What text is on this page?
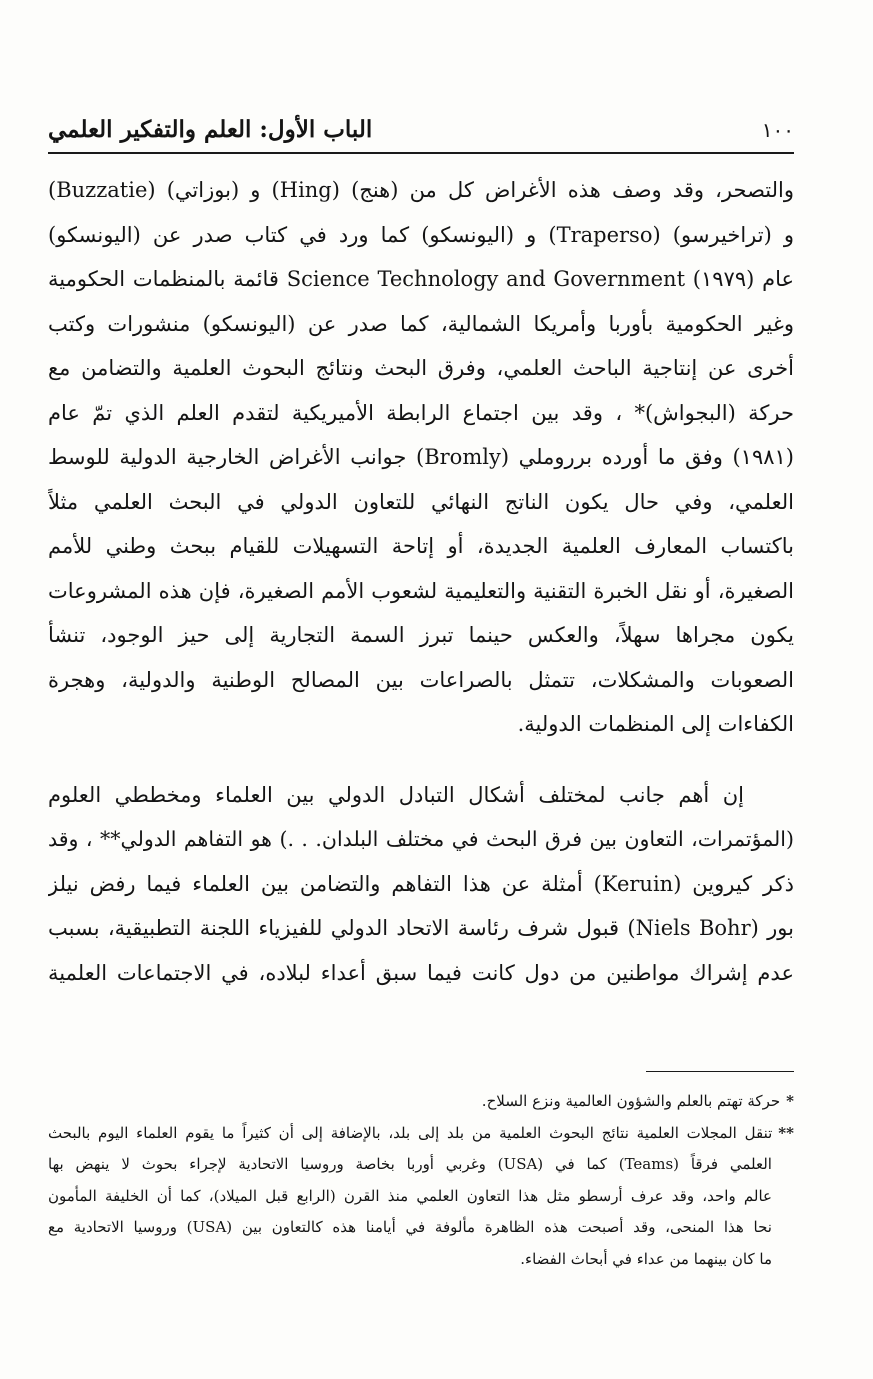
الباب الأول: العلم والتفكير العلمي	١٠٠
والتصحر، وقد وصف هذه الأغراض كل من (هنج) (Hing) و (بوزاتي) (Buzzatie)
و (تراخيرسو) (Traperso) و (اليونسكو) كما ورد في كتاب صدر عن (اليونسكو)
عام (١٩٧٩) Science Technology and Government قائمة بالمنظمات الحكومية
وغير الحكومية بأوربا وأمريكا الشمالية، كما صدر عن (اليونسكو) منشورات وكتب
أخرى عن إنتاجية الباحث العلمي، وفرق البحث ونتائج البحوث العلمية والتضامن مع
حركة (البجواش)* ، وقد بين اجتماع الرابطة الأميريكية لتقدم العلم الذي تمّ عام
(١٩٨١) وفق ما أورده برروملي (Bromly) جوانب الأغراض الخارجية الدولية للوسط
العلمي، وفي حال يكون الناتج النهائي للتعاون الدولي في البحث العلمي مثلاً
باكتساب المعارف العلمية الجديدة، أو إتاحة التسهيلات للقيام ببحث وطني للأمم
الصغيرة، أو نقل الخبرة التقنية والتعليمية لشعوب الأمم الصغيرة، فإن هذه المشروعات
يكون مجراها سهلاً، والعكس حينما تبرز السمة التجارية إلى حيز الوجود، تنشأ
الصعوبات والمشكلات، تتمثل بالصراعات بين المصالح الوطنية والدولية، وهجرة
الكفاءات إلى المنظمات الدولية.
إن أهم جانب لمختلف أشكال التبادل الدولي بين العلماء ومخططي العلوم
(المؤتمرات، التعاون بين فرق البحث في مختلف البلدان. . .) هو التفاهم الدولي** ، وقد
ذكر كيروين (Keruin) أمثلة عن هذا التفاهم والتضامن بين العلماء فيما رفض نيلز
بور (Niels Bohr) قبول شرف رئاسة الاتحاد الدولي للفيزياء اللجنة التطبيقية، بسبب
عدم إشراك مواطنين من دول كانت فيما سبق أعداء لبلاده، في الاجتماعات العلمية
*حركة تهتم بالعلم والشؤون العالمية ونزع السلاح.
**تنقل المجلات العلمية نتائج البحوث العلمية من بلد إلى بلد، بالإضافة إلى أن كثيراً ما يقوم العلماء اليوم بالبحث
العلمي فرقاً (Teams) كما في (USA) وغربي أوربا بخاصة وروسيا الاتحادية لإجراء بحوث لا ينهض بها
عالم واحد، وقد عرف أرسطو مثل هذا التعاون العلمي منذ القرن (الرابع قبل الميلاد)، كما أن الخليفة المأمون
نحا هذا المنحى، وقد أصبحت هذه الظاهرة مألوفة في أيامنا هذه كالتعاون بين (USA) وروسيا الاتحادية مع
ما كان بينهما من عداء في أبحاث الفضاء.
